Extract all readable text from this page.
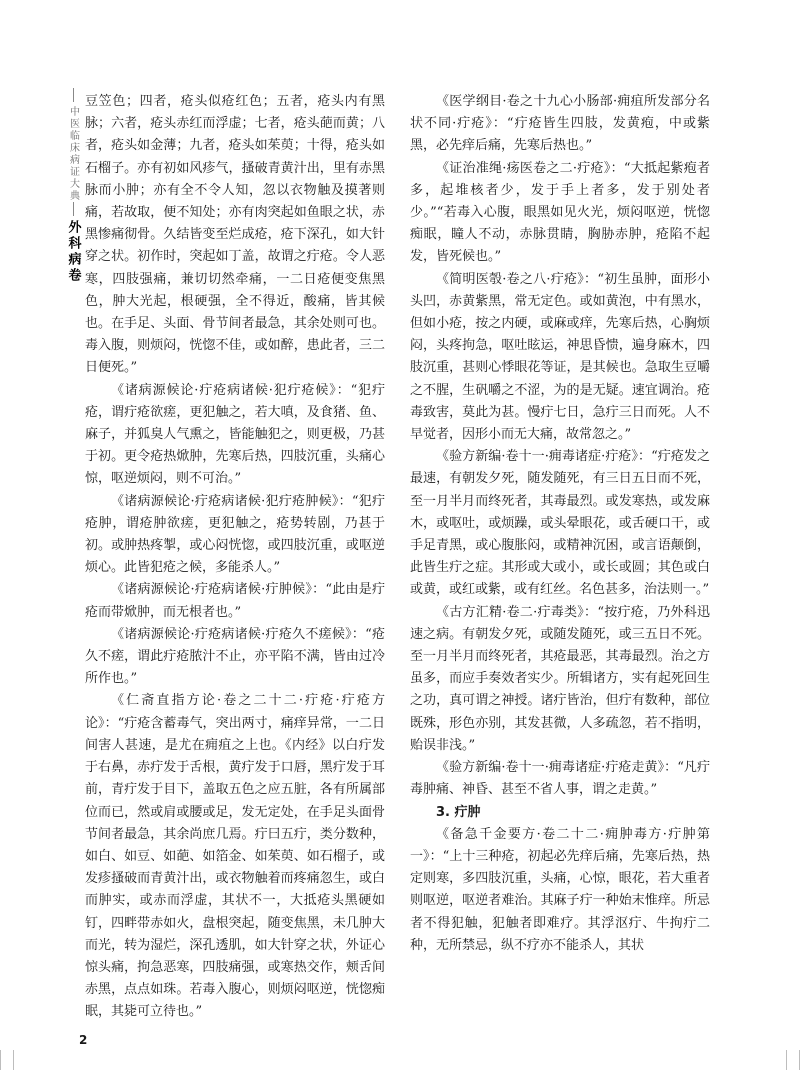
中医临床病证大典
外科病卷

豆笠色；四者，疮头似疮红色；五者，疮头内有黑脉；六者，疮头赤红而浮虚；七者，疮头葩而黄；八者，疮头如金薄；九者，疮头如茱萸；十得，疮头如石榴子。亦有初如风疹气，搔破青黄汁出，里有赤黑脉而小肿；亦有全不令人知，忽以衣物触及摸著则痛，若故取，便不知处；亦有肉突起如鱼眼之状，赤黑惨痛彻骨。久结皆变至烂成疮，疮下深孔，如大针穿之状。初作时，突起如丁盖，故谓之疔疮。令人恶寒，四肢强痛，兼切切然牵痛，一二日疮便变焦黑色，肿大光起，根硬强，全不得近，酸痛，皆其候也。在手足、头面、骨节间者最急，其余处则可也。毒入腹，则烦闷，恍惚不佳，或如醉，患此者，三二日便死。”

《诸病源候论·疔疮病诸候·犯疔疮候》：“犯疔疮，谓疔疮欲瘥，更犯触之，若大嗔，及食猪、鱼、麻子，并狐臭人气熏之，皆能触犯之，则更极，乃甚于初。更令疮热焮肿，先寒后热，四肢沉重，头痛心惊，呕逆烦闷，则不可治。”

《诸病源候论·疔疮病诸候·犯疔疮肿候》：“犯疔疮肿，谓疮肿欲瘥，更犯触之，疮势转剧，乃甚于初。或肿热疼掣，或心闷恍惚，或四肢沉重，或呕逆烦心。此皆犯疮之候，多能杀人。”

《诸病源候论·疔疮病诸候·疔肿候》：“此由是疔疮而带焮肿，而无根者也。”

《诸病源候论·疔疮病诸候·疔疮久不瘥候》：“疮久不瘥，谓此疔疮脓汁不止，亦平陷不满，皆由过冷所作也。”

《仁斋直指方论·卷之二十二·疔疮·疔疮方论》：“疔疮含蓄毒气，突出两寸，痛痒异常，一二日间害人甚速，是尤在痈疽之上也。《内经》以白疔发于右鼻，赤疔发于舌根，黄疔发于口唇，黑疔发于耳前，青疔发于目下，盖取五色之应五脏，各有所属部位而已，然或肩或腰或足，发无定处，在手足头面骨节间者最急，其余尚庶几焉。疔曰五疔，类分数种，如白、如豆、如葩、如箔金、如茱萸、如石榴子，或发疹搔破而青黄汁出，或衣物触着而疼痛忽生，或白而肿实，或赤而浮虚，其状不一，大抵疮头黑硬如钉，四畔带赤如火，盘根突起，随变焦黑，未几肿大而光，转为湿烂，深孔透肌，如大针穿之状，外证心惊头痛，拘急恶寒，四肢痛强，或寒热交作，颊舌间赤黑，点点如珠。若毒入腹心，则烦闷呕逆，恍惚痴眠，其毙可立待也。”

《医学纲目·卷之十九心小肠部·痈疽所发部分名状不同·疔疮》：“疔疮皆生四肢，发黄疱，中或紫黑，必先痒后痛，先寒后热也。”

《证治准绳·疡医卷之二·疔疮》：“大抵起紫疱者多，起堆核者少，发于手上者多，发于别处者少。”“若毒入心腹，眼黑如见火光，烦闷呕逆，恍惚痴眠，瞳人不动，赤脉贯睛，胸胁赤肿，疮陷不起发，皆死候也。”

《简明医彀·卷之八·疔疮》：“初生虽肿，面形小头凹，赤黄紫黑，常无定色。或如黄泡，中有黑水，但如小疮，按之内硬，或麻或痒，先寒后热，心胸烦闷，头疼拘急，呕吐眩运，神思昏愦，遍身麻木，四肢沉重，甚则心悸眼花等证，是其候也。急取生豆嚼之不腥，生矾嚼之不涩，为的是无疑。速宜调治。疮毒致害，莫此为甚。慢疔七日，急疔三日而死。人不早觉者，因形小而无大痛，故常忽之。”

《验方新编·卷十一·痈毒诸症·疔疮》：“疔疮发之最速，有朝发夕死，随发随死，有三日五日而不死，至一月半月而终死者，其毒最烈。或发寒热，或发麻木，或呕吐，或烦躁，或头晕眼花，或舌硬口干，或手足青黑，或心腹胀闷，或精神沉困，或言语颠倒，此皆生疔之症。其形或大或小，或长或圆；其色或白或黄，或红或紫，或有红丝。名色甚多，治法则一。”

《古方汇精·卷二·疔毒类》：“按疔疮，乃外科迅速之病。有朝发夕死，或随发随死，或三五日不死。至一月半月而终死者，其疮最恶，其毒最烈。治之方虽多，而应手奏效者实少。所辑诸方，实有起死回生之功，真可谓之神授。诸疔皆治，但疔有数种，部位既殊，形色亦别，其发甚微，人多疏忽，若不指明，贻误非浅。”

《验方新编·卷十一·痈毒诸症·疔疮走黄》：“凡疔毒肿痛、神昏、甚至不省人事，谓之走黄。”

3. 疔肿

《备急千金要方·卷二十二·痈肿毒方·疔肿第一》：“上十三种疮，初起必先痒后痛，先寒后热，热定则寒，多四肢沉重，头痛，心惊，眼花，若大重者则呕逆，呕逆者难治。其麻子疔一种始末惟痒。所忌者不得犯触，犯触者即难疗。其浮沤疔、牛拘疔二种，无所禁忌，纵不疗亦不能杀人，其状

2
